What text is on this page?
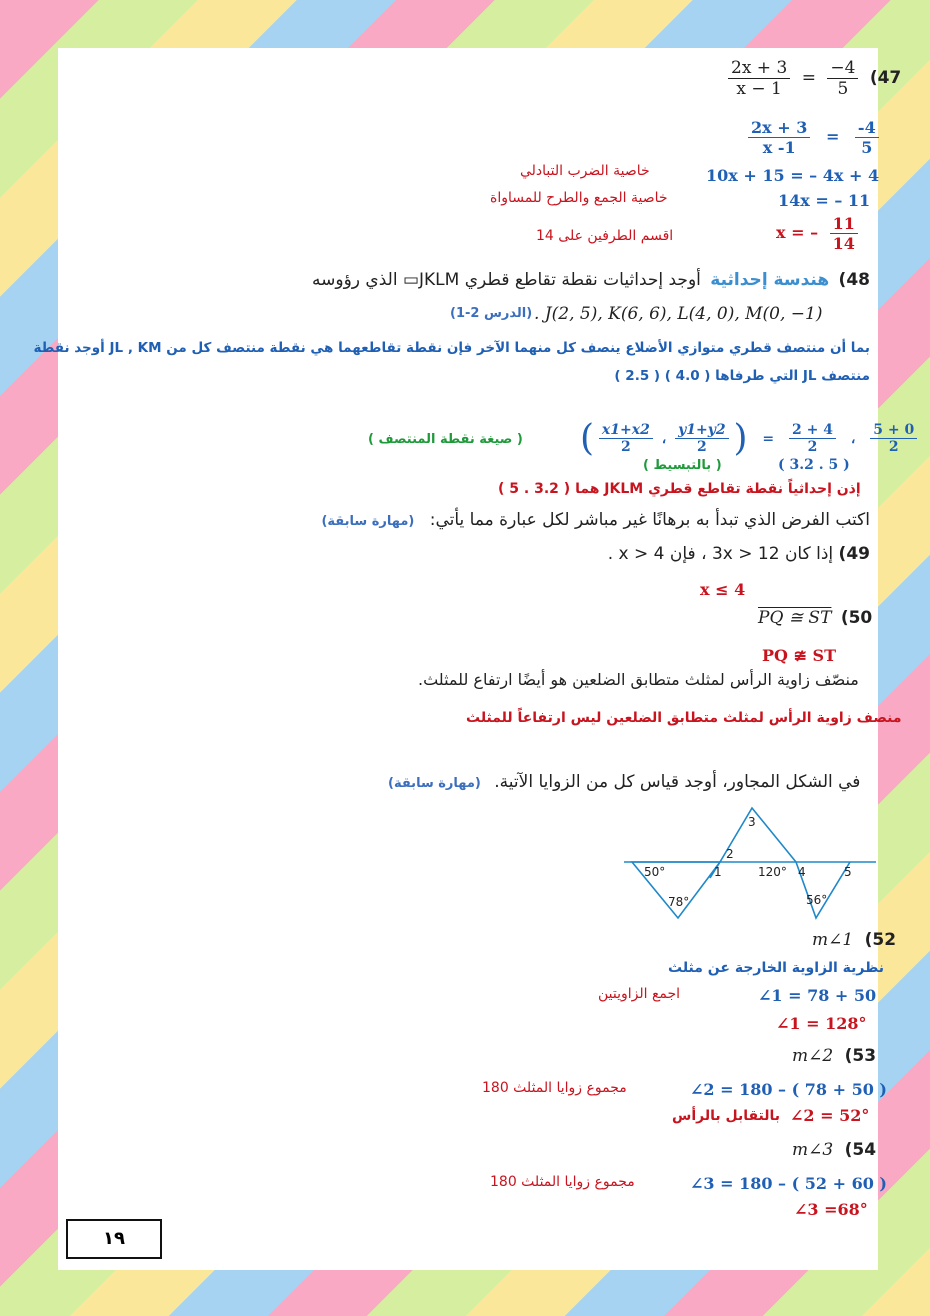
$\frac{2x + 3}{x - 1} = \frac{-4}{5} (47$
$\frac{2x + 3}{x -1} = \frac{-4}{5}$
10x + 15 = – 4x + 4
خاصية الضرب التبادلي
14x = – 11
خاصية الجمع والطرح للمساواة
x = – $\frac{11}{14}$
اقسم الطرفين على 14
48) هندسة إحداثية أوجد إحداثيات نقطة تقاطع قطري JKLM▭ الذي رؤوسه
. J(2, 5), K(6, 6), L(4, 0), M(0, −1)
(الدرس 2-1)
بما أن منتصف قطري متوازي الأضلاع ينصف كل منهما الآخر فإن نقطة تقاطعهما هي نقطة منتصف كل من JL , KM أوجد نقطة
منتصف JL التي طرفاها ( 4.0 ) ( 2.5 )
( صيغة نقطة المنتصف ) ( $\frac{x1+x2}{2}$ ، $\frac{y1+y2}{2}$ ) = $\frac{2 + 4}{2}$ ، $\frac{5 + 0}{2}$
( بالتبسيط )	( 3.2 . 5 )
إذن إحداثياً نقطة تقاطع قطري JKLM هما ( 3.2 . 5 )
اكتب الفرض الذي تبدأ به برهانًا غير مباشر لكل عبارة مما يأتي: (مهارة سابقة)
49) إذا كان 3x > 12 ، فإن x > 4 .
x ≤ 4
PQ ≅ ST (50
PQ ≇ ST
منصّف زاوية الرأس لمثلث متطابق الضلعين هو أيضًا ارتفاع للمثلث.
منصف زاوية الرأس لمثلث متطابق الضلعين ليس ارتفاعاً للمثلث
في الشكل المجاور، أوجد قياس كل من الزوايا الآتية. (مهارة سابقة)
50°
78°
1
2
3
120° 4
56°
5
m∠1 (52
نظرية الزاوية الخارجة عن مثلث
∠1 = 78 + 50
اجمع الزاويتين
∠1 = 128°
m∠2 (53
∠2 = 180 – ( 78 + 50 )
مجموع زوايا المثلث 180
∠2 = 52°
بالتقابل بالرأس
m∠3 (54
∠3 = 180 – ( 52 + 60 )
مجموع زوايا المثلث 180
∠3 =68°
١٩
